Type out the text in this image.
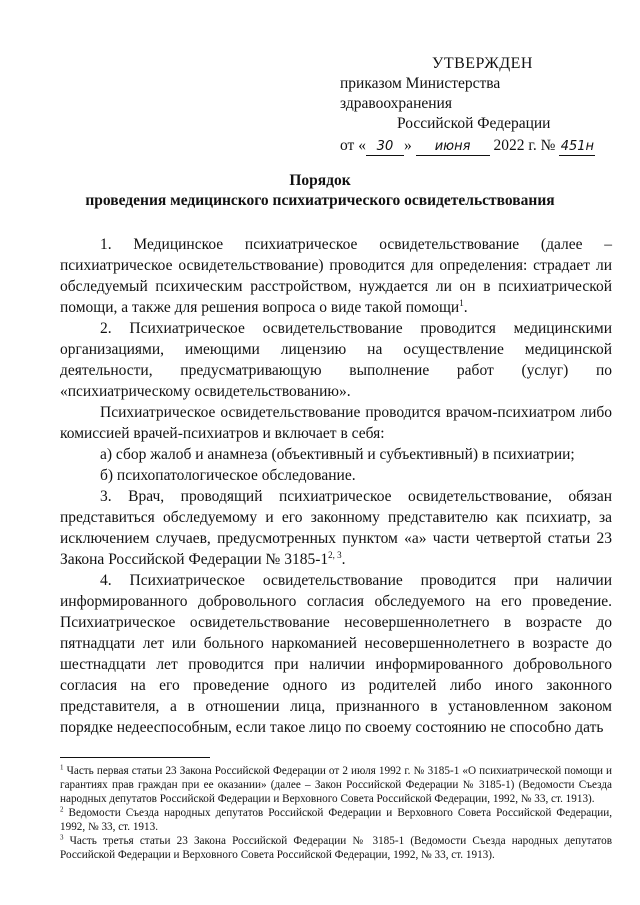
УТВЕРЖДЕН
приказом Министерства здравоохранения
Российской Федерации
от « 30 » июня 2022 г. № 451н
Порядок
проведения медицинского психиатрического освидетельствования

1. Медицинское психиатрическое освидетельствование (далее – психиатрическое освидетельствование) проводится для определения: страдает ли обследуемый психическим расстройством, нуждается ли он в психиатрической помощи, а также для решения вопроса о виде такой помощи$^1$.

2. Психиатрическое освидетельствование проводится медицинскими организациями, имеющими лицензию на осуществление медицинской деятельности, предусматривающую выполнение работ (услуг) по «психиатрическому освидетельствованию».

Психиатрическое освидетельствование проводится врачом-психиатром либо комиссией врачей-психиатров и включает в себя:

а) сбор жалоб и анамнеза (объективный и субъективный) в психиатрии;

б) психопатологическое обследование.

3. Врач, проводящий психиатрическое освидетельствование, обязан представиться обследуемому и его законному представителю как психиатр, за исключением случаев, предусмотренных пунктом «а» части четвертой статьи 23 Закона Российской Федерации № 3185-1$^{2, 3}$.

4. Психиатрическое освидетельствование проводится при наличии информированного добровольного согласия обследуемого на его проведение. Психиатрическое освидетельствование несовершеннолетнего в возрасте до пятнадцати лет или больного наркоманией несовершеннолетнего в возрасте до шестнадцати лет проводится при наличии информированного добровольного согласия на его проведение одного из родителей либо иного законного представителя, а в отношении лица, признанного в установленном законом порядке недееспособным, если такое лицо по своему состоянию не способно дать

$^1$ Часть первая статьи 23 Закона Российской Федерации от 2 июля 1992 г. № 3185-1 «О психиатрической помощи и гарантиях прав граждан при ее оказании» (далее – Закон Российской Федерации № 3185-1) (Ведомости Съезда народных депутатов Российской Федерации и Верховного Совета Российской Федерации, 1992, № 33, ст. 1913).

$^2$ Ведомости Съезда народных депутатов Российской Федерации и Верховного Совета Российской Федерации, 1992, № 33, ст. 1913.

$^3$ Часть третья статьи 23 Закона Российской Федерации № 3185-1 (Ведомости Съезда народных депутатов Российской Федерации и Верховного Совета Российской Федерации, 1992, № 33, ст. 1913).
